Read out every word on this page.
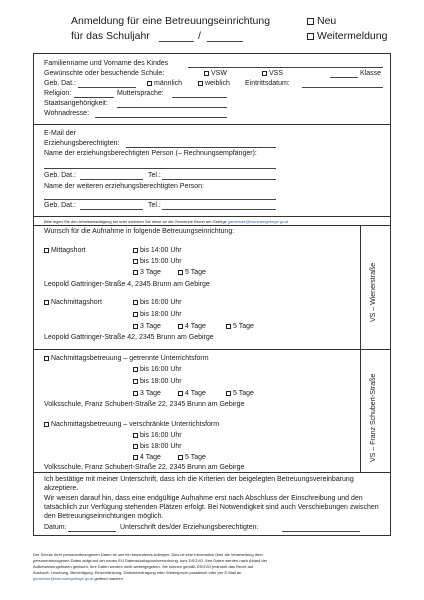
Anmeldung für eine Betreuungseinrichtung
für das Schuljahr	/
Neu
Weitermeldung
Familienname und Vorname des Kindes
Gewünschte oder besuchende Schule:	VSW	VSS	Klasse
Geb. Dat.:	männlich	weiblich Eintrittsdatum:
Religion:	Muttersprache:
Staatsangehörigkeit:
Wohnadresse:
E-Mail der
Erziehungsberechtigten:
Name der erziehungsberechtigten Person (– Rechnungsempfänger):
Geb. Dat.:	Tel.:
Name der weiteren erziehungsberechtigten Person:
Geb. Dat.:	Tel.:
Bitte legen Sie den Arbeitsbestätigung bei oder schicken Sie diese an die Gemeinde Brunn am Gebirge gemeinde@brunnamgebirge.gv.at
Wunsch für die Aufnahme in folgende Betreuungseinrichtung:
Mittagshort	bis 14:00 Uhr
bis 15:00 Uhr
3 Tage	5 Tage
Leopold Gattringer-Straße 4, 2345 Brunn am Gebirge
Nachmittagshort	bis 16:00 Uhr
bis 18:00 Uhr
3 Tage	4 Tage	5 Tage
Leopold Gattringer-Straße 42, 2345 Brunn am Gebirge
VS – Wienerstraße
Nachmittagsbetreuung – getrennte Unterrichtsform
bis 16:00 Uhr
bis 18:00 Uhr
3 Tage	4 Tage	5 Tage
Volksschule, Franz Schubert-Straße 22, 2345 Brunn am Gebirge
Nachmittagsbetreuung – verschränkte Unterrichtsform
bis 16:00 Uhr
bis 18:00 Uhr
4 Tage	5 Tage
Volksschule, Franz Schubert-Straße 22, 2345 Brunn am Gebirge
VS – Franz Schubert-Straße
Ich bestätige mit meiner Unterschrift, dass ich die Kriterien der beigelegten Betreuungsvereinbarung
akzeptiere.
Wir weisen darauf hin, dass eine endgültige Aufnahme erst nach Abschluss der Einschreibung und den
tatsächlich zur Verfügung stehenden Plätzen erfolgt. Bei Notwendigkeit sind auch Verschiebungen zwischen
den Betreuungseinrichtungen möglich.
Datum:	Unterschrift des/der Erziehungsberechtigten:
Der Schutz Ihrer personenbezogenen Daten ist uns ein besonderes Anliegen. Dies ist eine Information über die Verarbeitung Ihrer
personenbezogenen Daten aufgrund der neuen EU Datenschutzgrundverordnung, kurz DSGVO. Ihre Daten werden nach Ablauf der
Aufbewahrungsfristen gelöscht. Ihre Daten werden nicht weitergegeben. Sie können gemäß DSGVO jederzeit das Recht auf
Auskunft, Löschung, Berichtigung, Einschränkung, Datenübertragung oder Widerspruch postalisch oder per E-Mail an
gemeinde@brunnamgebirge.gv.at geltend machen.
